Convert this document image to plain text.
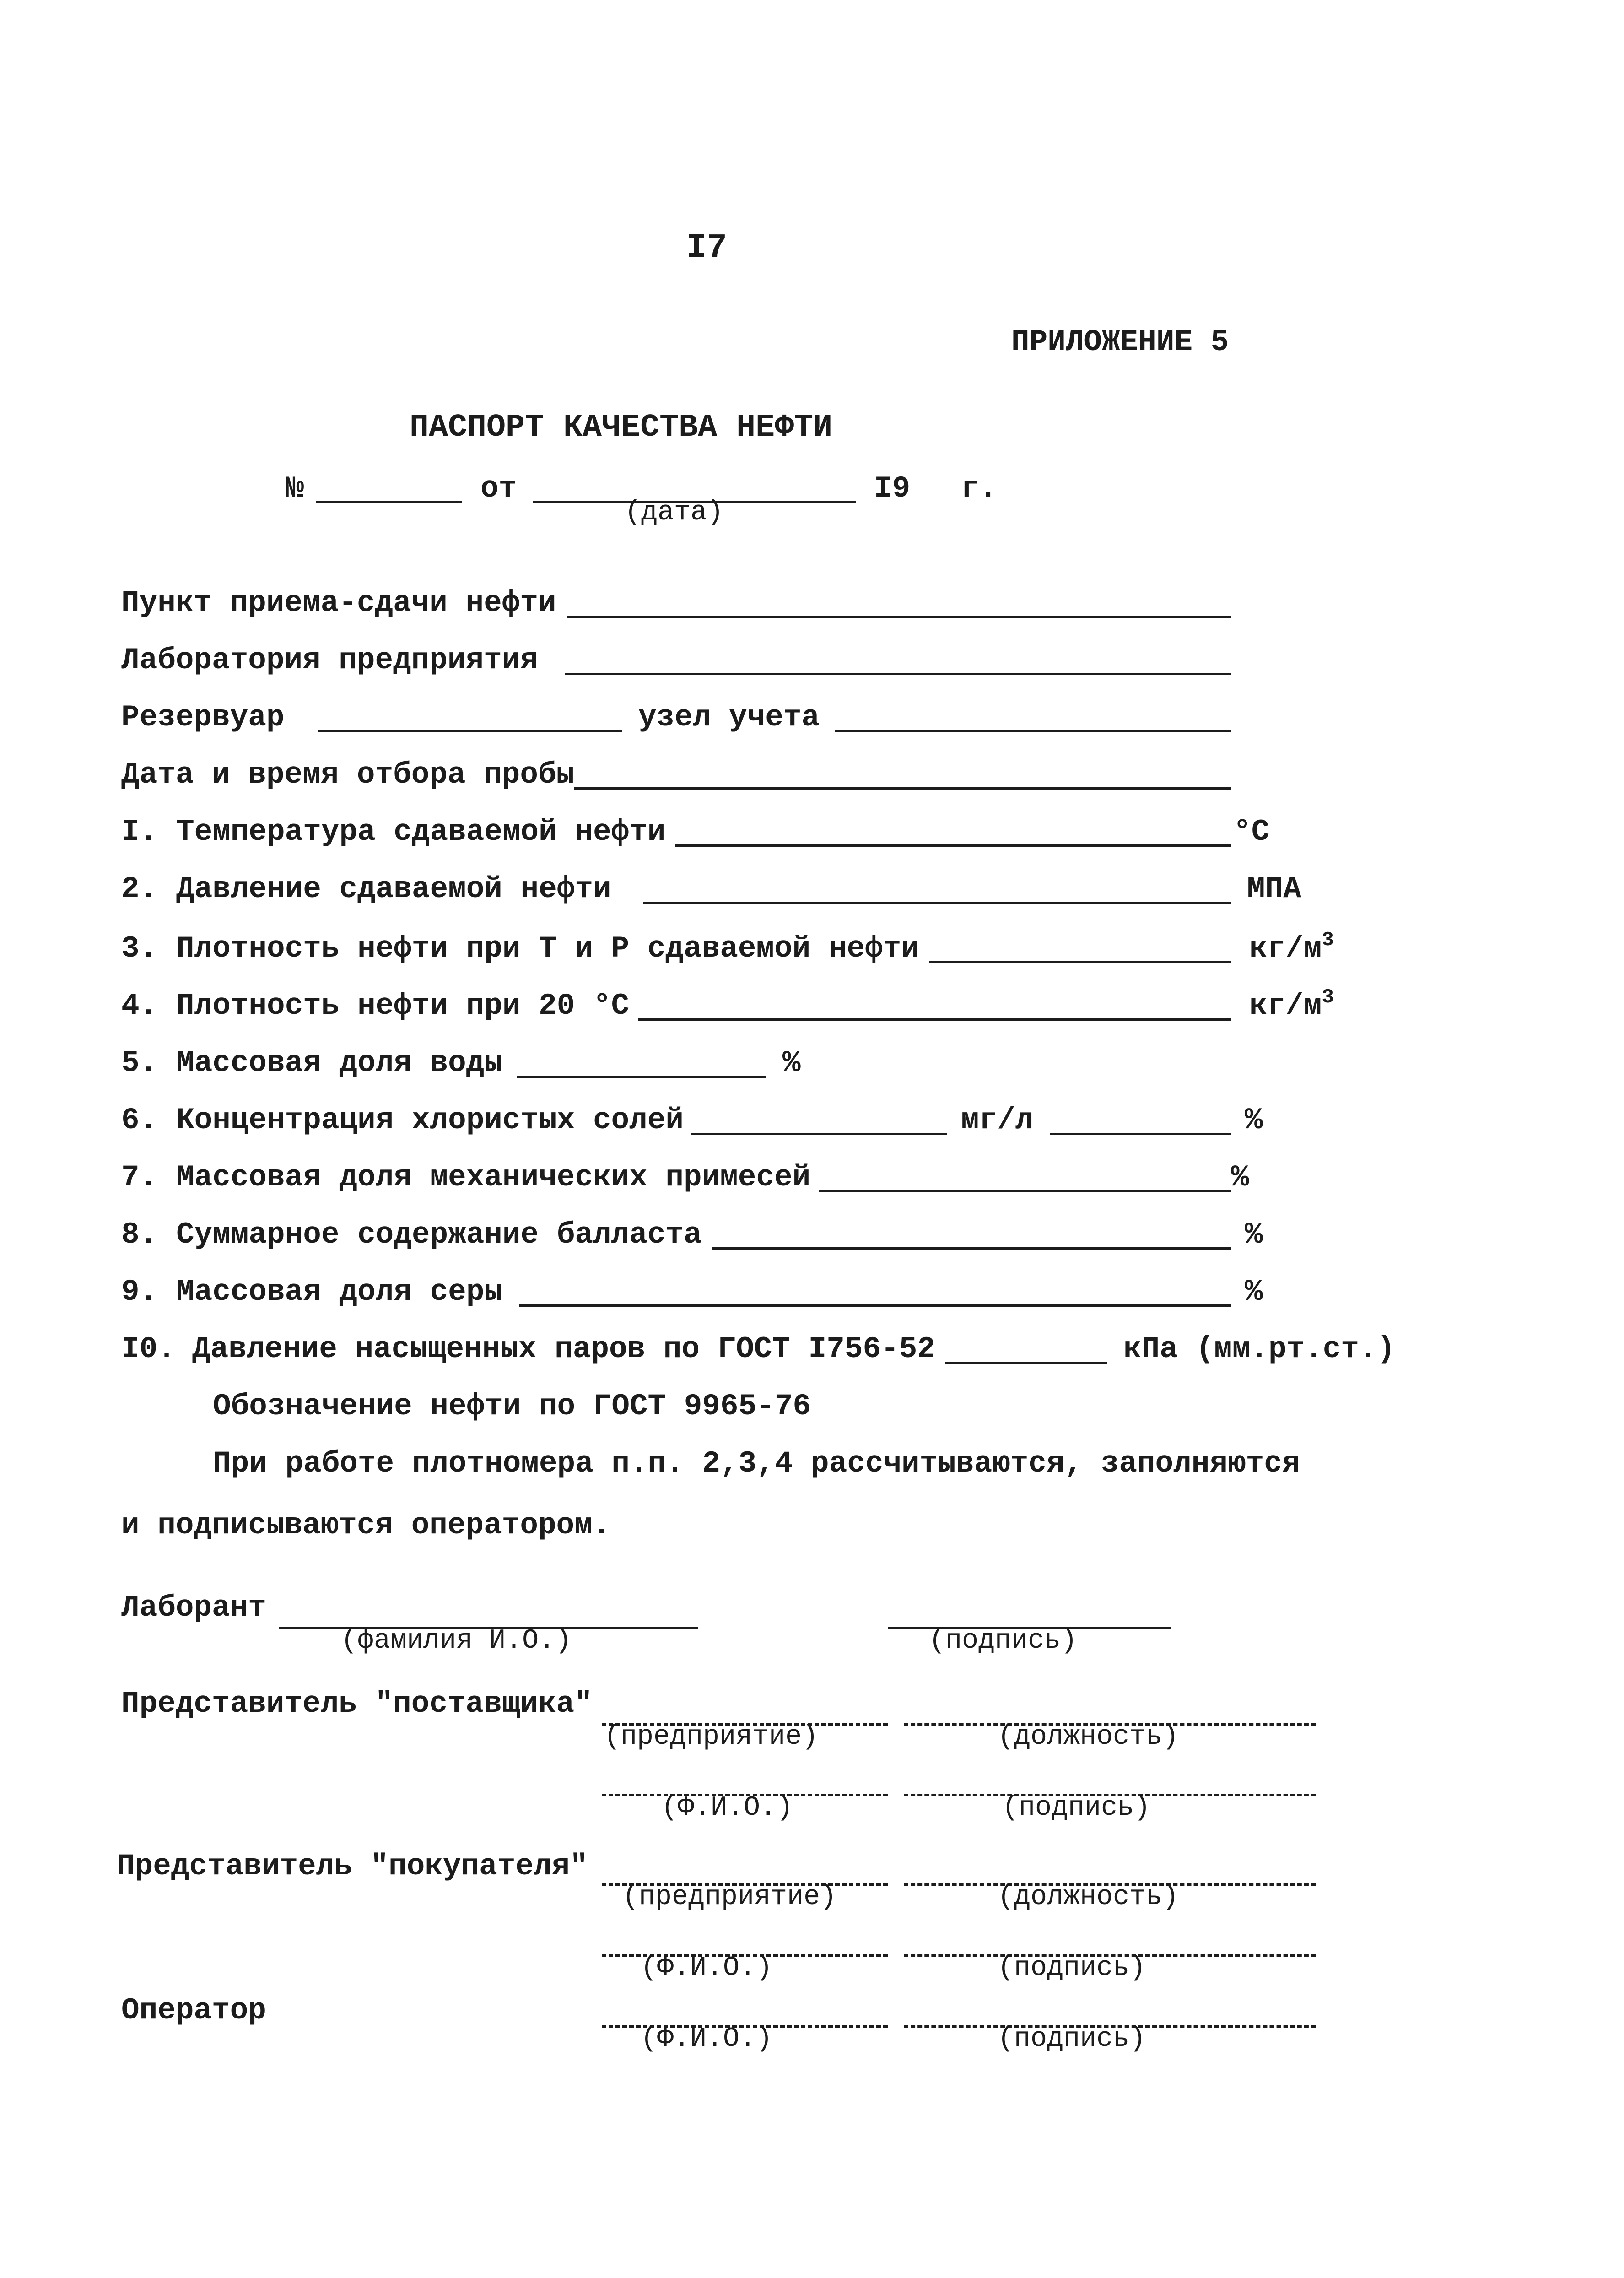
I7
ПРИЛОЖЕНИЕ 5
ПАСПОРТ КАЧЕСТВА НЕФТИ
№	от
(дата)
I9 г.
Пункт приема-сдачи нефти
Лаборатория предприятия
Резервуар	узел учета
Дата и время отбора пробы
I. Температура сдаваемой нефти	°С
2. Давление сдаваемой нефти	МПА
3. Плотность нефти при Т и Р сдаваемой нефти	$кг/м^3$
4. Плотность нефти при 20 °С	$кг/м^3$
5. Массовая доля воды	%
6. Концентрация хлористых солей	мг/л	%
7. Массовая доля механических примесей	%
8. Суммарное содержание балласта	%
9. Массовая доля серы	%
I0. Давление насыщенных паров по ГОСТ I756-52	кПа (мм.рт.ст.)
Обозначение нефти по ГОСТ 9965-76
При работе плотномера п.п. 2,3,4 рассчитываются, заполняются
и подписываются оператором.
Лаборант
(фамилия И.О.)	(подпись)
Представитель "поставщика"
(предприятие)	(должность)
(Ф.И.О.)	(подпись)
Представитель "покупателя"
(предприятие)	(должность)
(Ф.И.О.)	(подпись)
Оператор
(Ф.И.О.)	(подпись)
